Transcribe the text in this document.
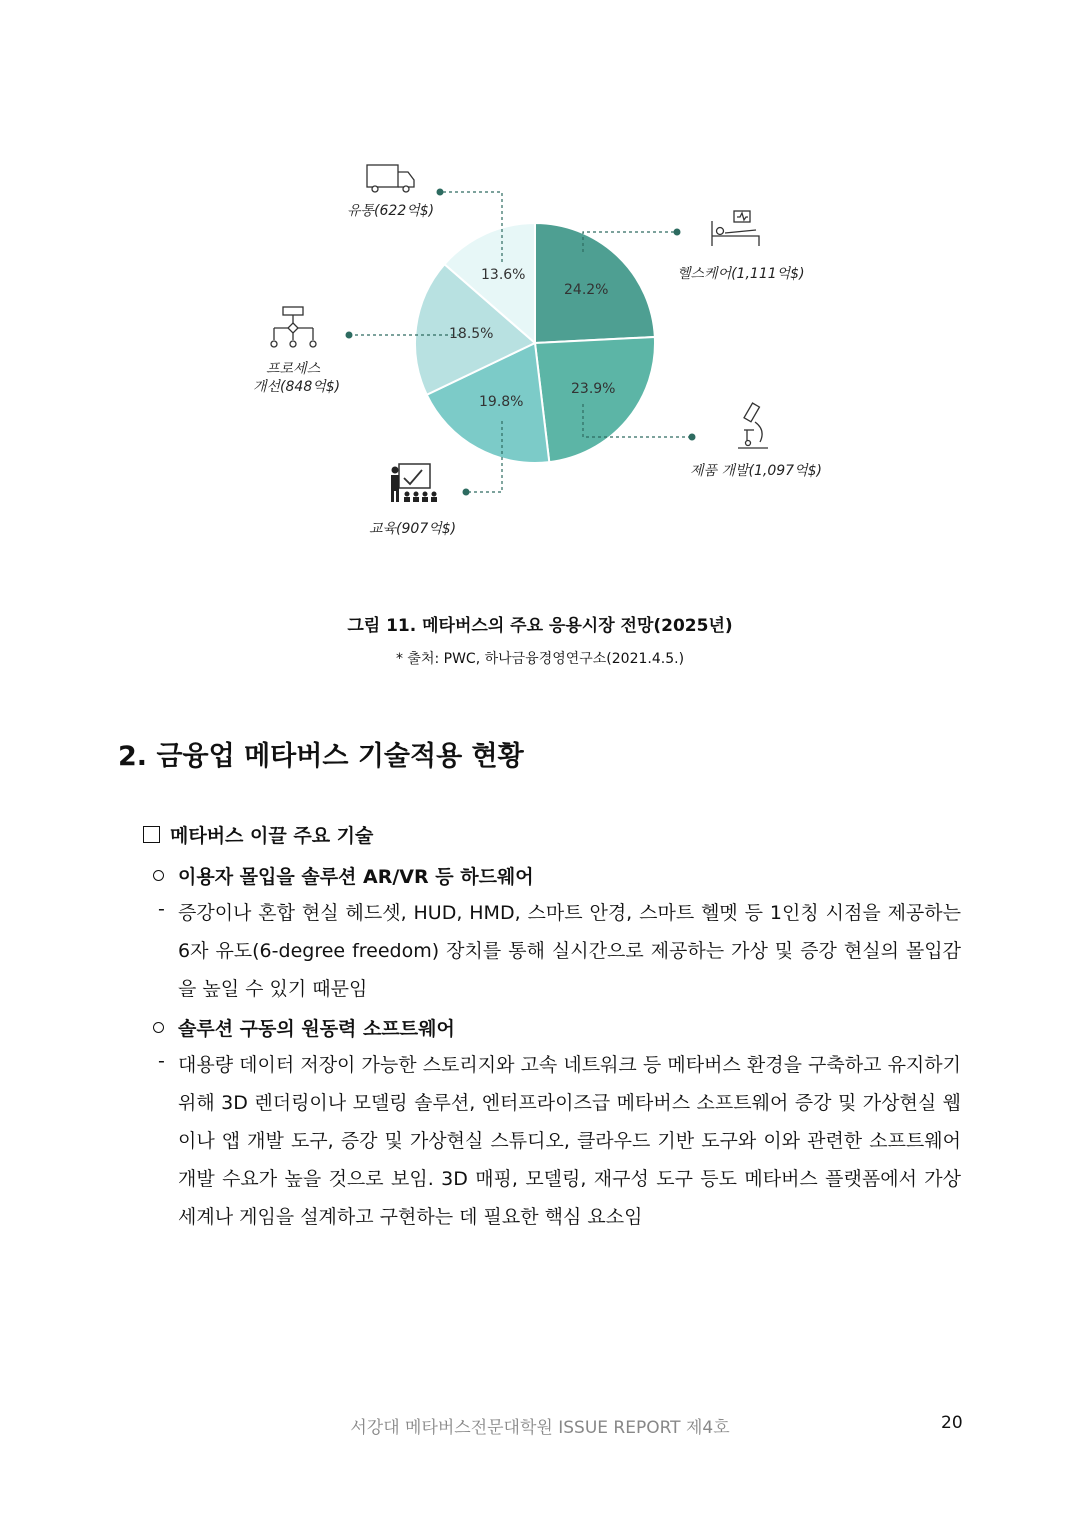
24.2%
23.9%
19.8%
18.5%
13.6%	헬스케어(1,111억$)
제품 개발(1,097억$)
교육(907억$)
프로세스
개선(848억$)
유통(622억$)
그림 11. 메타버스의 주요 응용시장 전망(2025년)
* 출처: PWC, 하나금융경영연구소(2021.4.5.)
2. 금융업 메타버스 기술적용 현황
메타버스 이끌 주요 기술
이용자 몰입을 솔루션 AR/VR 등 하드웨어
- 증강이나 혼합 현실 헤드셋, HUD, HMD, 스마트 안경, 스마트 헬멧 등 1인칭 시점을 제공하는 6자 유도(6-degree freedom) 장치를 통해 실시간으로 제공하는 가상 및 증강 현실의 몰입감을 높일 수 있기 때문임
솔루션 구동의 원동력 소프트웨어
- 대용량 데이터 저장이 가능한 스토리지와 고속 네트워크 등 메타버스 환경을 구축하고 유지하기 위해 3D 렌더링이나 모델링 솔루션, 엔터프라이즈급 메타버스 소프트웨어 증강 및 가상현실 웹이나 앱 개발 도구, 증강 및 가상현실 스튜디오, 클라우드 기반 도구와 이와 관련한 소프트웨어 개발 수요가 높을 것으로 보임. 3D 매핑, 모델링, 재구성 도구 등도 메타버스 플랫폼에서 가상 세계나 게임을 설계하고 구현하는 데 필요한 핵심 요소임
서강대 메타버스전문대학원 ISSUE REPORT 제4호	20
